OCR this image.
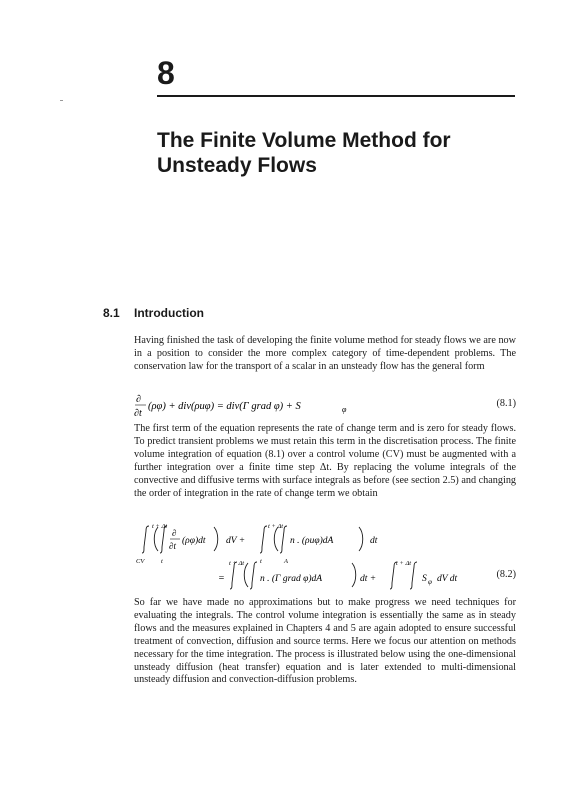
8
The Finite Volume Method for
Unsteady Flows
8.1 Introduction

Having finished the task of developing the finite volume method for steady flows we are now in a position to consider the more complex category of time-dependent problems. The conservation law for the transport of a scalar in an unsteady flow has the general form

∂
∂t
(ρφ) + div(ρuφ) = div(Γ grad φ) + S	φ
(8.1)

The first term of the equation represents the rate of change term and is zero for steady flows. To predict transient problems we must retain this term in the discretisation process. The finite volume integration of equation (8.1) over a control volume (CV) must be augmented with a further integration over a finite time step Δt. By replacing the volume integrals of the convective and diffusive terms with surface integrals as before (see section 2.5) and changing the order of integration in the rate of change term we obtain

t + Δt
CV	t
∂
∂t (ρφ)dt dV +
t + Δt
t	A
n . (ρuφ)dA	dt
t + Δt
=	n . (Γ grad φ)dA	dt +
t + Δt
S φ dV dt	(8.2)

So far we have made no approximations but to make progress we need techniques for evaluating the integrals. The control volume integration is essentially the same as in steady flows and the measures explained in Chapters 4 and 5 are again adopted to ensure successful treatment of convection, diffusion and source terms. Here we focus our attention on methods necessary for the time integration. The process is illustrated below using the one-dimensional unsteady diffusion (heat transfer) equation and is later extended to multi-dimensional unsteady diffusion and convection-diffusion problems.
